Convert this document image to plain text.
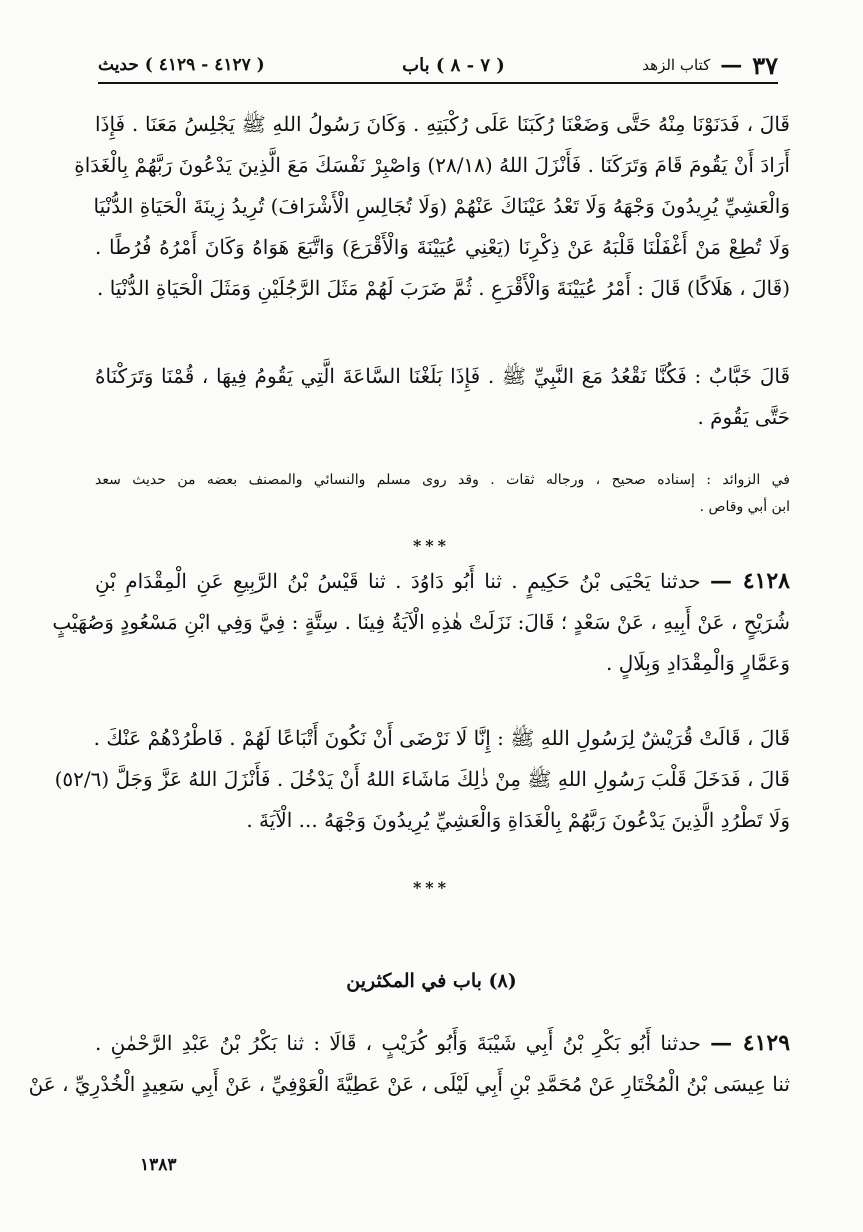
٣٧
—
كتاب الزهد
( ٧ - ٨ ) باب
( ٤١٢٧ - ٤١٢٩ ) حديث
قَالَ ، فَدَنَوْنَا مِنْهُ حَتَّى وَضَعْنَا رُكَبَنَا عَلَى رُكْبَتِهِ . وَكَانَ رَسُولُ اللهِ ﷺ يَجْلِسُ مَعَنَا . فَإِذَا
أَرَادَ أَنْ يَقُومَ قَامَ وَتَرَكَنَا . فَأَنْزَلَ اللهُ (٢٨/١٨) وَاصْبِرْ نَفْسَكَ مَعَ الَّذِينَ يَدْعُونَ رَبَّهُمْ بِالْغَدَاةِ
وَالْعَشِيِّ يُرِيدُونَ وَجْهَهُ وَلَا تَعْدُ عَيْنَاكَ عَنْهُمْ (وَلَا تُجَالِسِ الْأَشْرَافَ) تُرِيدُ زِينَةَ الْحَيَاةِ الدُّنْيَا
وَلَا تُطِعْ مَنْ أَغْفَلْنَا قَلْبَهُ عَنْ ذِكْرِنَا (يَعْنِي عُيَيْنَةَ وَالْأَقْرَعَ) وَاتَّبَعَ هَوَاهُ وَكَانَ أَمْرُهُ فُرُطًا .
(قَالَ ، هَلَاكًا) قَالَ : أَمْرُ عُيَيْنَةَ وَالْأَقْرَعِ . ثُمَّ ضَرَبَ لَهُمْ مَثَلَ الرَّجُلَيْنِ وَمَثَلَ الْحَيَاةِ الدُّنْيَا .
قَالَ خَبَّابٌ : فَكُنَّا نَقْعُدُ مَعَ النَّبِيِّ ﷺ . فَإِذَا بَلَغْنَا السَّاعَةَ الَّتِي يَقُومُ فِيهَا ، قُمْنَا وَتَرَكْنَاهُ
حَتَّى يَقُومَ .
في الزوائد : إسناده صحيح ، ورجاله ثقات . وقد روى مسلم والنسائي والمصنف بعضه من حديث سعد
ابن أبي وقاص .
***
٤١٢٨ — حدثنا يَحْيَى بْنُ حَكِيمٍ . ثنا أَبُو دَاوُدَ . ثنا قَيْسُ بْنُ الرَّبِيعِ عَنِ الْمِقْدَامِ بْنِ
شُرَيْحٍ ، عَنْ أَبِيهِ ، عَنْ سَعْدٍ ؛ قَالَ: نَزَلَتْ هٰذِهِ الْآيَةُ فِينَا . سِتَّةٍ : فِيَّ وَفِي ابْنِ مَسْعُودٍ وَصُهَيْبٍ
وَعَمَّارٍ وَالْمِقْدَادِ وَبِلَالٍ .
قَالَ ، قَالَتْ قُرَيْشٌ لِرَسُولِ اللهِ ﷺ : إِنَّا لَا نَرْضَى أَنْ نَكُونَ أَتْبَاعًا لَهُمْ . فَاطْرُدْهُمْ عَنْكَ .
قَالَ ، فَدَخَلَ قَلْبَ رَسُولِ اللهِ ﷺ مِنْ ذٰلِكَ مَاشَاءَ اللهُ أَنْ يَدْخُلَ . فَأَنْزَلَ اللهُ عَزَّ وَجَلَّ (٥٢/٦)
وَلَا تَطْرُدِ الَّذِينَ يَدْعُونَ رَبَّهُمْ بِالْغَدَاةِ وَالْعَشِيِّ يُرِيدُونَ وَجْهَهُ ... الْآيَةَ .
***
(٨) باب في المكثرين
٤١٢٩ — حدثنا أَبُو بَكْرِ بْنُ أَبِي شَيْبَةَ وَأَبُو كُرَيْبٍ ، قَالَا : ثنا بَكْرُ بْنُ عَبْدِ الرَّحْمٰنِ .
ثنا عِيسَى بْنُ الْمُخْتَارِ عَنْ مُحَمَّدِ بْنِ أَبِي لَيْلَى ، عَنْ عَطِيَّةَ الْعَوْفِيِّ ، عَنْ أَبِي سَعِيدٍ الْخُدْرِيِّ ، عَنْ
١٣٨٣
